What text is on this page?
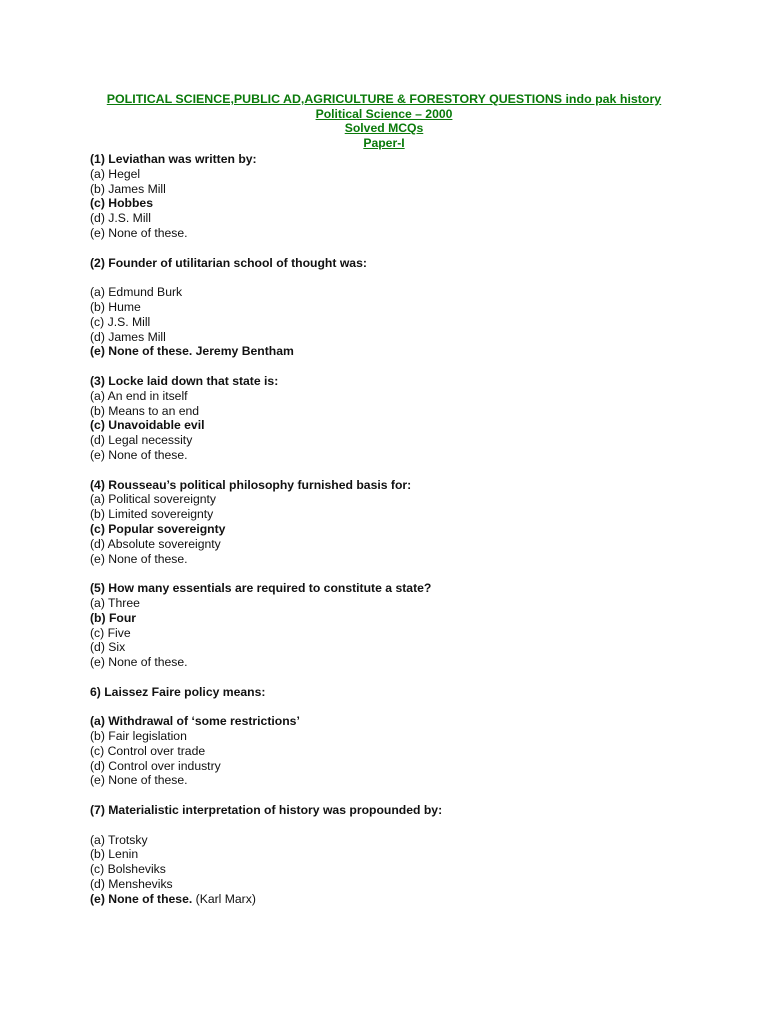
POLITICAL SCIENCE,PUBLIC AD,AGRICULTURE & FORESTORY QUESTIONS indo pak history
Political Science – 2000
Solved MCQs
Paper-I
(1) Leviathan was written by:
(a) Hegel
(b) James Mill
(c) Hobbes
(d) J.S. Mill
(e) None of these.
(2) Founder of utilitarian school of thought was:
(a) Edmund Burk
(b) Hume
(c) J.S. Mill
(d) James Mill
(e) None of these. Jeremy Bentham
(3) Locke laid down that state is:
(a) An end in itself
(b) Means to an end
(c) Unavoidable evil
(d) Legal necessity
(e) None of these.
(4) Rousseau’s political philosophy furnished basis for:
(a) Political sovereignty
(b) Limited sovereignty
(c) Popular sovereignty
(d) Absolute sovereignty
(e) None of these.
(5) How many essentials are required to constitute a state?
(a) Three
(b) Four
(c) Five
(d) Six
(e) None of these.
6) Laissez Faire policy means:
(a) Withdrawal of ‘some restrictions’
(b) Fair legislation
(c) Control over trade
(d) Control over industry
(e) None of these.
(7) Materialistic interpretation of history was propounded by:
(a) Trotsky
(b) Lenin
(c) Bolsheviks
(d) Mensheviks
(e) None of these. (Karl Marx)
